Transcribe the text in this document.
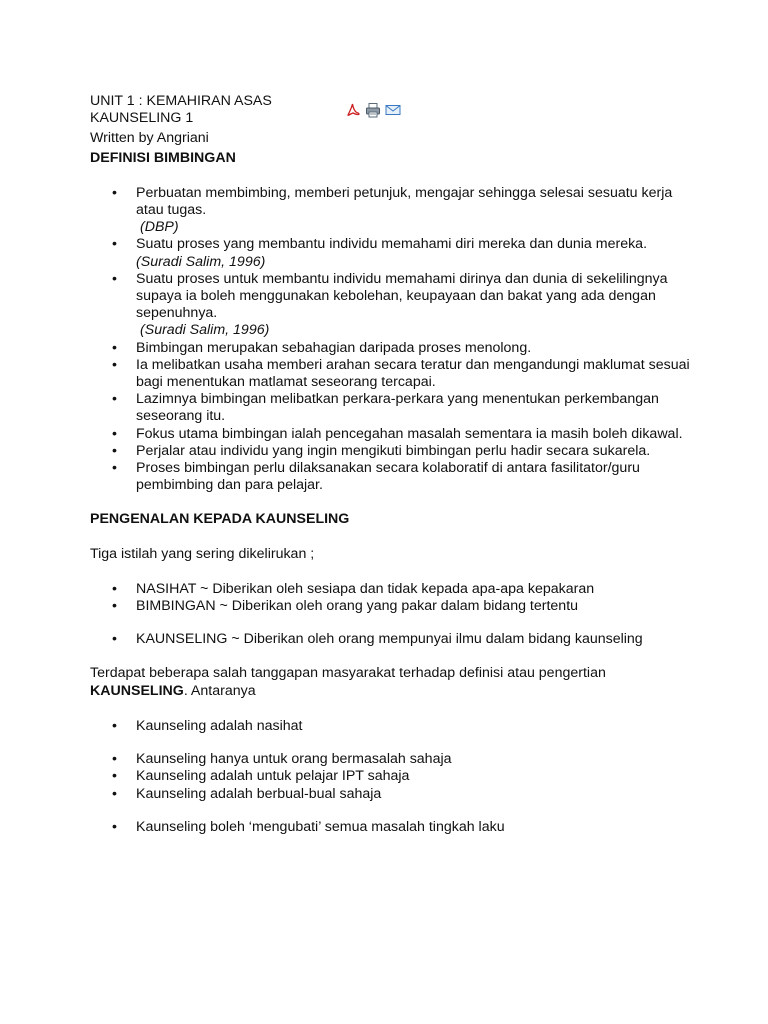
UNIT 1 : KEMAHIRAN ASAS
KAUNSELING 1
Written by Angriani
DEFINISI BIMBINGAN
• Perbuatan membimbing, memberi petunjuk, mengajar sehingga selesai sesuatu kerja atau tugas.
(DBP)
• Suatu proses yang membantu individu memahami diri mereka dan dunia mereka. (Suradi Salim, 1996)
• Suatu proses untuk membantu individu memahami dirinya dan dunia di sekelilingnya supaya ia boleh menggunakan kebolehan, keupayaan dan bakat yang ada dengan sepenuhnya.
(Suradi Salim, 1996)
• Bimbingan merupakan sebahagian daripada proses menolong.
• Ia melibatkan usaha memberi arahan secara teratur dan mengandungi maklumat sesuai bagi menentukan matlamat seseorang tercapai.
• Lazimnya bimbingan melibatkan perkara-perkara yang menentukan perkembangan seseorang itu.
• Fokus utama bimbingan ialah pencegahan masalah sementara ia masih boleh dikawal.
• Perjalar atau individu yang ingin mengikuti bimbingan perlu hadir secara sukarela.
• Proses bimbingan perlu dilaksanakan secara kolaboratif di antara fasilitator/guru pembimbing dan para pelajar.
PENGENALAN KEPADA KAUNSELING
Tiga istilah yang sering dikelirukan ;
• NASIHAT ~ Diberikan oleh sesiapa dan tidak kepada apa-apa kepakaran
• BIMBINGAN ~ Diberikan oleh orang yang pakar dalam bidang tertentu
• KAUNSELING ~ Diberikan oleh orang mempunyai ilmu dalam bidang kaunseling
Terdapat beberapa salah tanggapan masyarakat terhadap definisi atau pengertian KAUNSELING. Antaranya
• Kaunseling adalah nasihat
• Kaunseling hanya untuk orang bermasalah sahaja
• Kaunseling adalah untuk pelajar IPT sahaja
• Kaunseling adalah berbual-bual sahaja
• Kaunseling boleh ‘mengubati’ semua masalah tingkah laku
